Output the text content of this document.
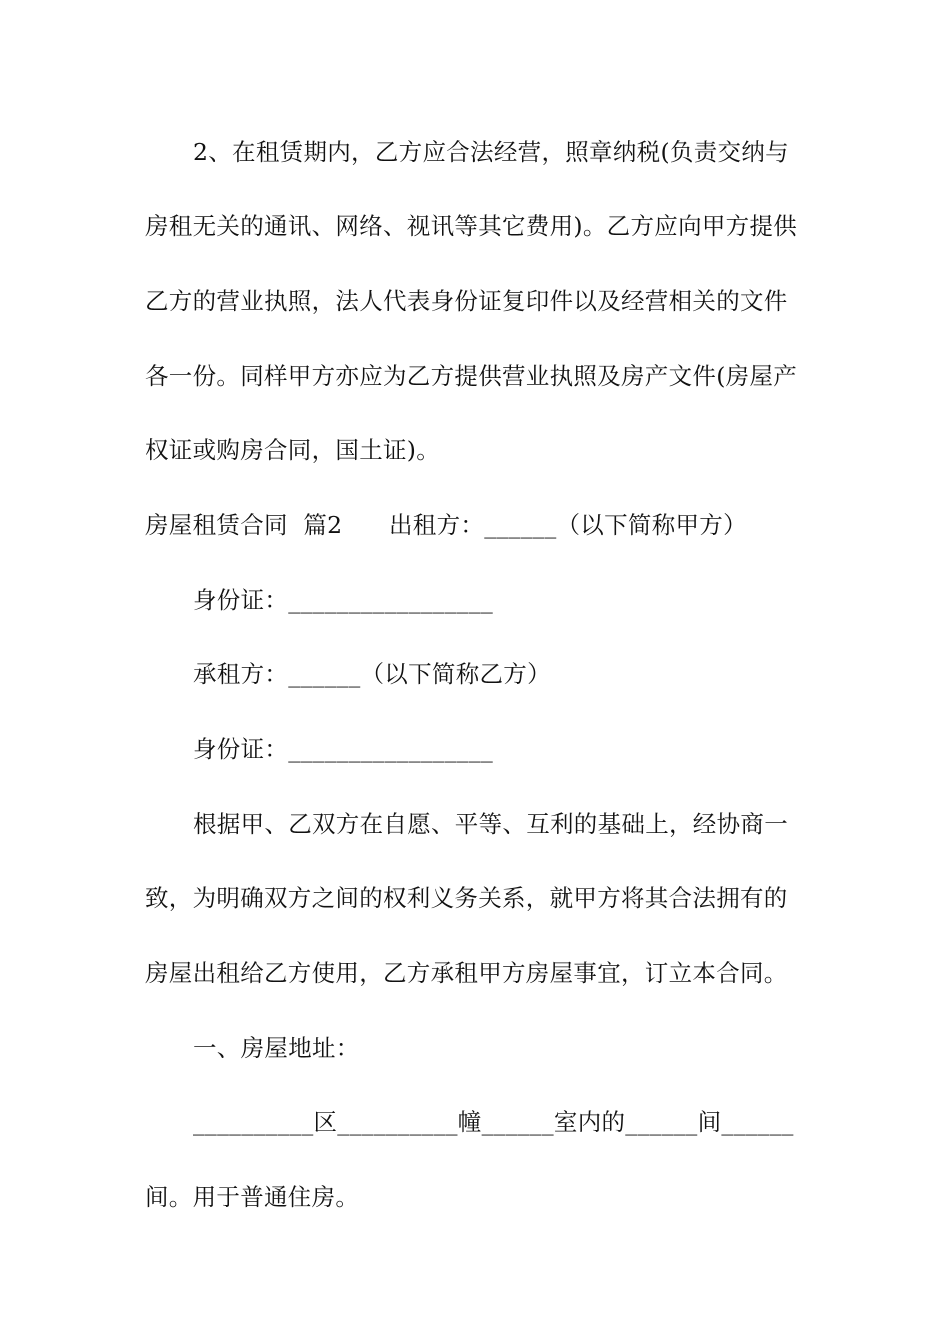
2、在租赁期内，乙方应合法经营，照章纳税(负责交纳与
房租无关的通讯、网络、视讯等其它费用)。乙方应向甲方提供
乙方的营业执照，法人代表身份证复印件以及经营相关的文件
各一份。同样甲方亦应为乙方提供营业执照及房产文件(房屋产
权证或购房合同，国土证)。
房屋租赁合同  篇2      出租方：______（以下简称甲方）
身份证：_________________
承租方：______（以下简称乙方）
身份证：_________________
根据甲、乙双方在自愿、平等、互利的基础上，经协商一
致，为明确双方之间的权利义务关系，就甲方将其合法拥有的
房屋出租给乙方使用，乙方承租甲方房屋事宜，订立本合同。
一、房屋地址：
__________区__________幢______室内的______间______
间。用于普通住房。
